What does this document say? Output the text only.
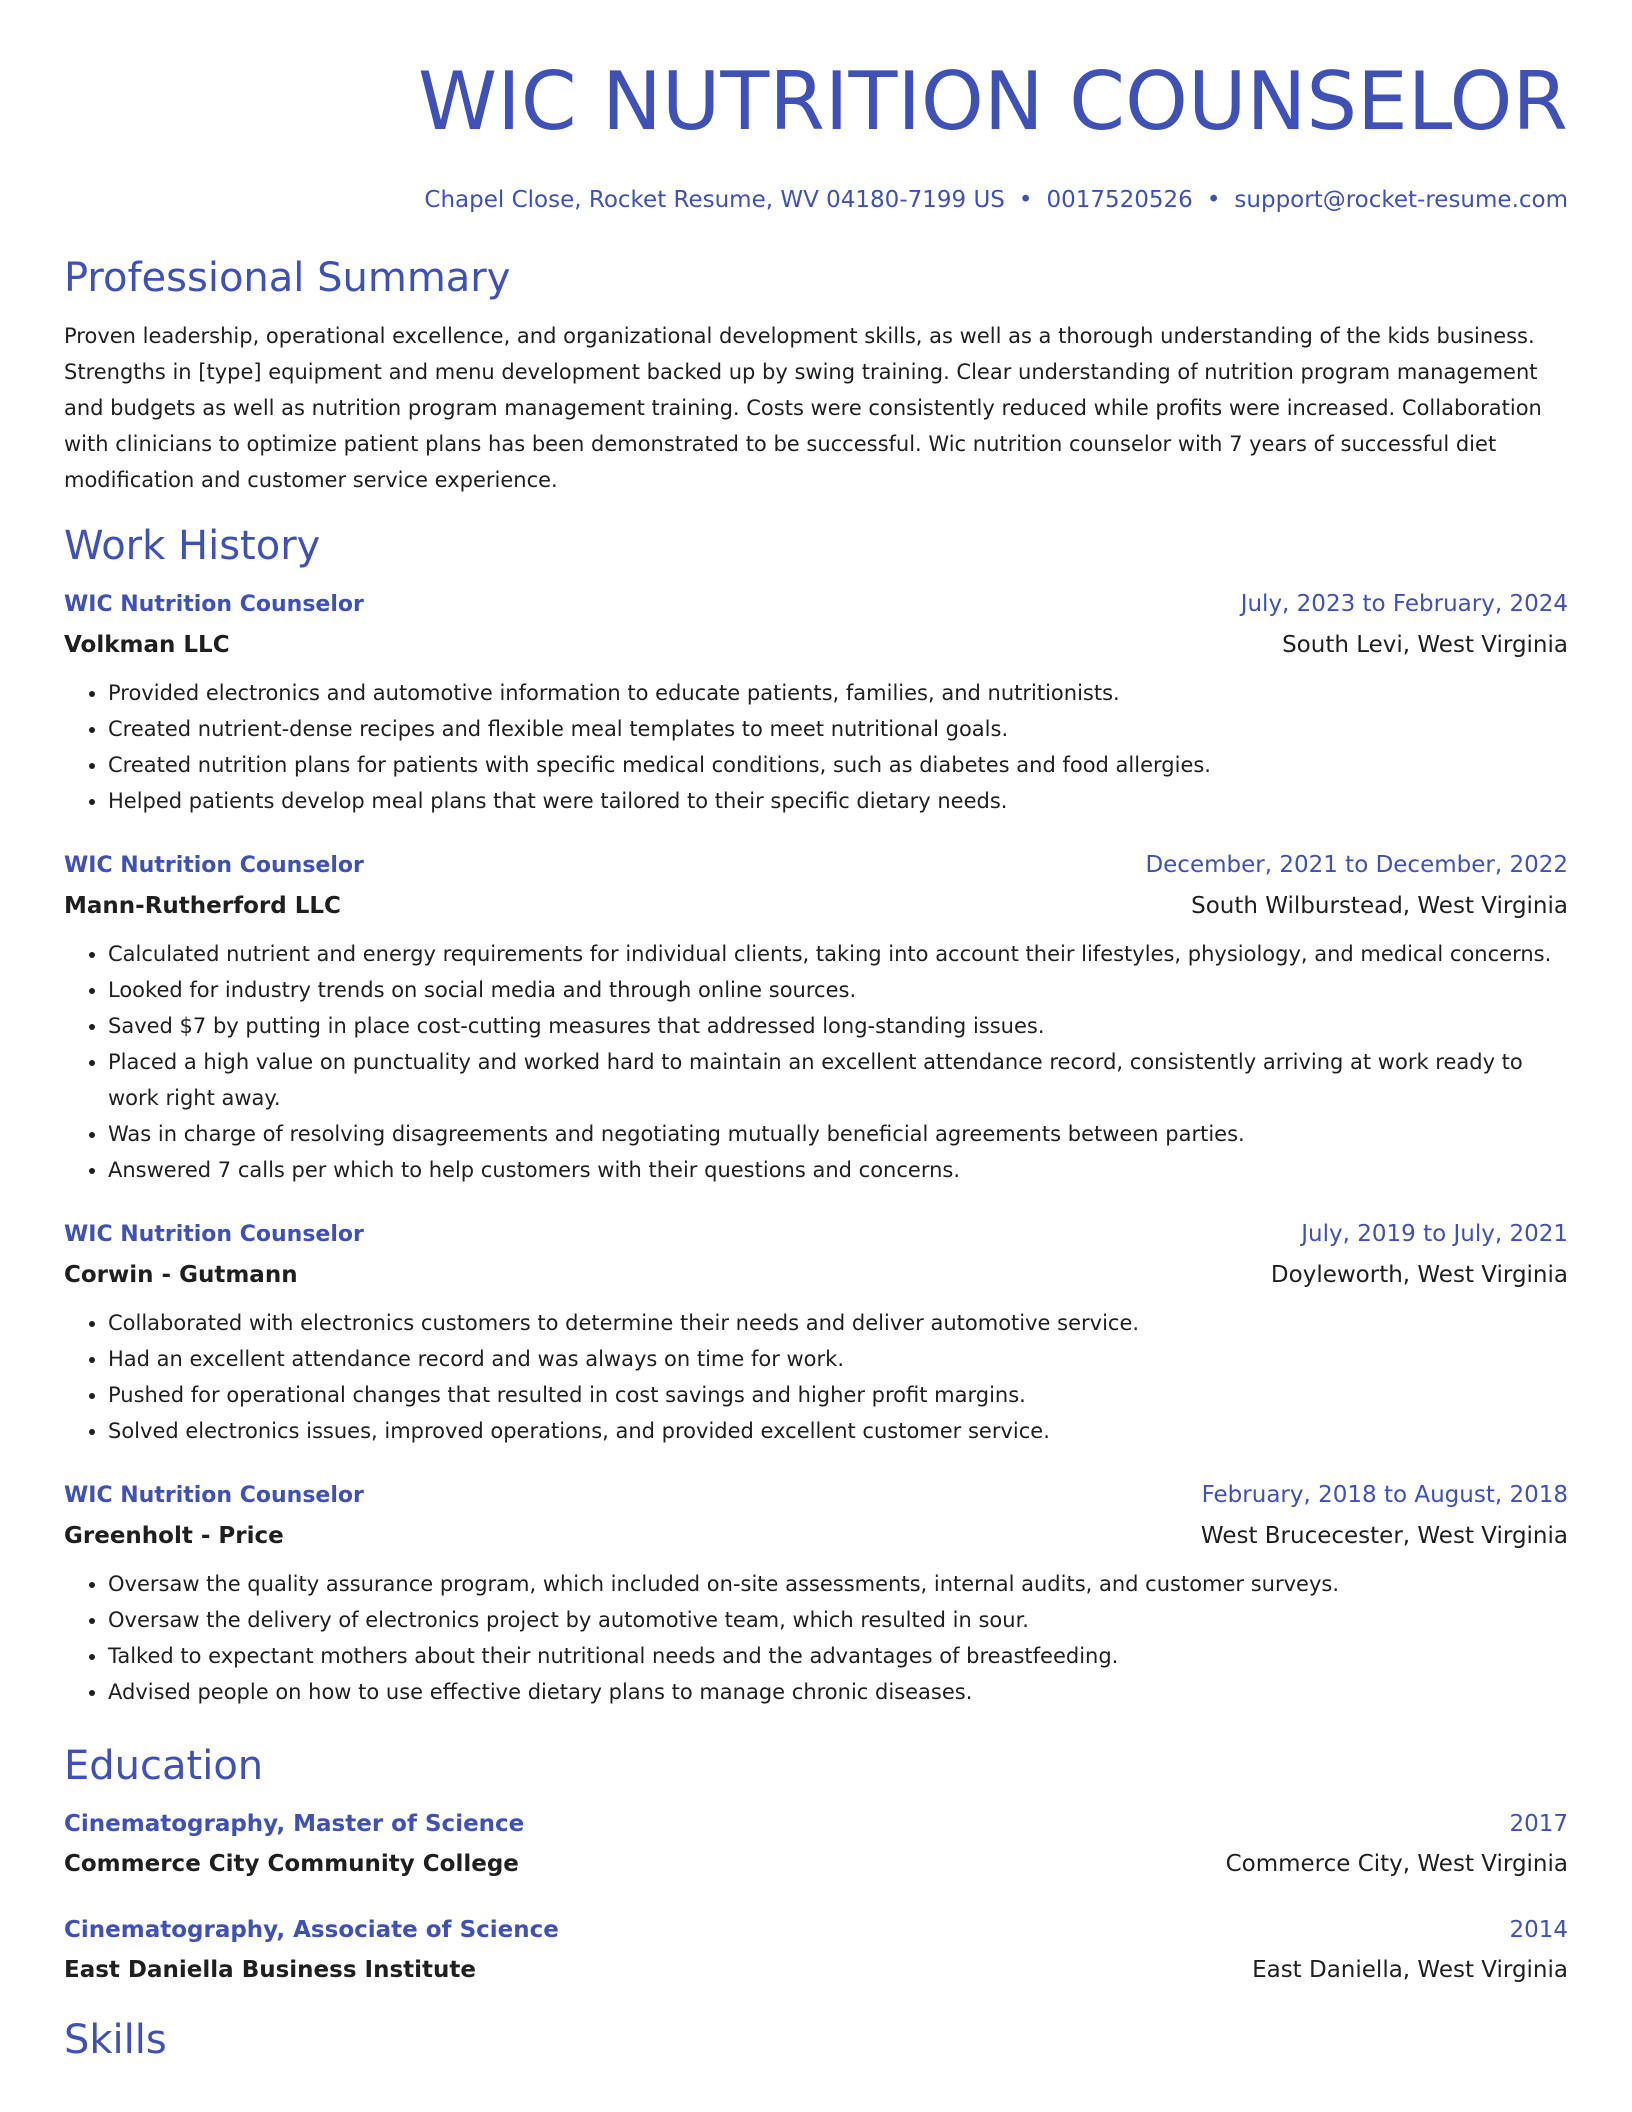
WIC NUTRITION COUNSELOR
Chapel Close, Rocket Resume, WV 04180-7199 US • 0017520526 • support@rocket-resume.com
Professional Summary
Proven leadership, operational excellence, and organizational development skills, as well as a thorough understanding of the kids business. Strengths in [type] equipment and menu development backed up by swing training. Clear understanding of nutrition program management and budgets as well as nutrition program management training. Costs were consistently reduced while profits were increased. Collaboration with clinicians to optimize patient plans has been demonstrated to be successful. Wic nutrition counselor with 7 years of successful diet modification and customer service experience.
Work History
WIC Nutrition Counselor	July, 2023 to February, 2024
Volkman LLC	South Levi, West Virginia
• Provided electronics and automotive information to educate patients, families, and nutritionists.
• Created nutrient-dense recipes and flexible meal templates to meet nutritional goals.
• Created nutrition plans for patients with specific medical conditions, such as diabetes and food allergies.
• Helped patients develop meal plans that were tailored to their specific dietary needs.
WIC Nutrition Counselor	December, 2021 to December, 2022
Mann-Rutherford LLC	South Wilburstead, West Virginia
• Calculated nutrient and energy requirements for individual clients, taking into account their lifestyles, physiology, and medical concerns.
• Looked for industry trends on social media and through online sources.
• Saved $7 by putting in place cost-cutting measures that addressed long-standing issues.
• Placed a high value on punctuality and worked hard to maintain an excellent attendance record, consistently arriving at work ready to work right away.
• Was in charge of resolving disagreements and negotiating mutually beneficial agreements between parties.
• Answered 7 calls per which to help customers with their questions and concerns.
WIC Nutrition Counselor	July, 2019 to July, 2021
Corwin - Gutmann	Doyleworth, West Virginia
• Collaborated with electronics customers to determine their needs and deliver automotive service.
• Had an excellent attendance record and was always on time for work.
• Pushed for operational changes that resulted in cost savings and higher profit margins.
• Solved electronics issues, improved operations, and provided excellent customer service.
WIC Nutrition Counselor	February, 2018 to August, 2018
Greenholt - Price	West Brucecester, West Virginia
• Oversaw the quality assurance program, which included on-site assessments, internal audits, and customer surveys.
• Oversaw the delivery of electronics project by automotive team, which resulted in sour.
• Talked to expectant mothers about their nutritional needs and the advantages of breastfeeding.
• Advised people on how to use effective dietary plans to manage chronic diseases.
Education
Cinematography, Master of Science	2017
Commerce City Community College	Commerce City, West Virginia
Cinematography, Associate of Science	2014
East Daniella Business Institute	East Daniella, West Virginia
Skills
